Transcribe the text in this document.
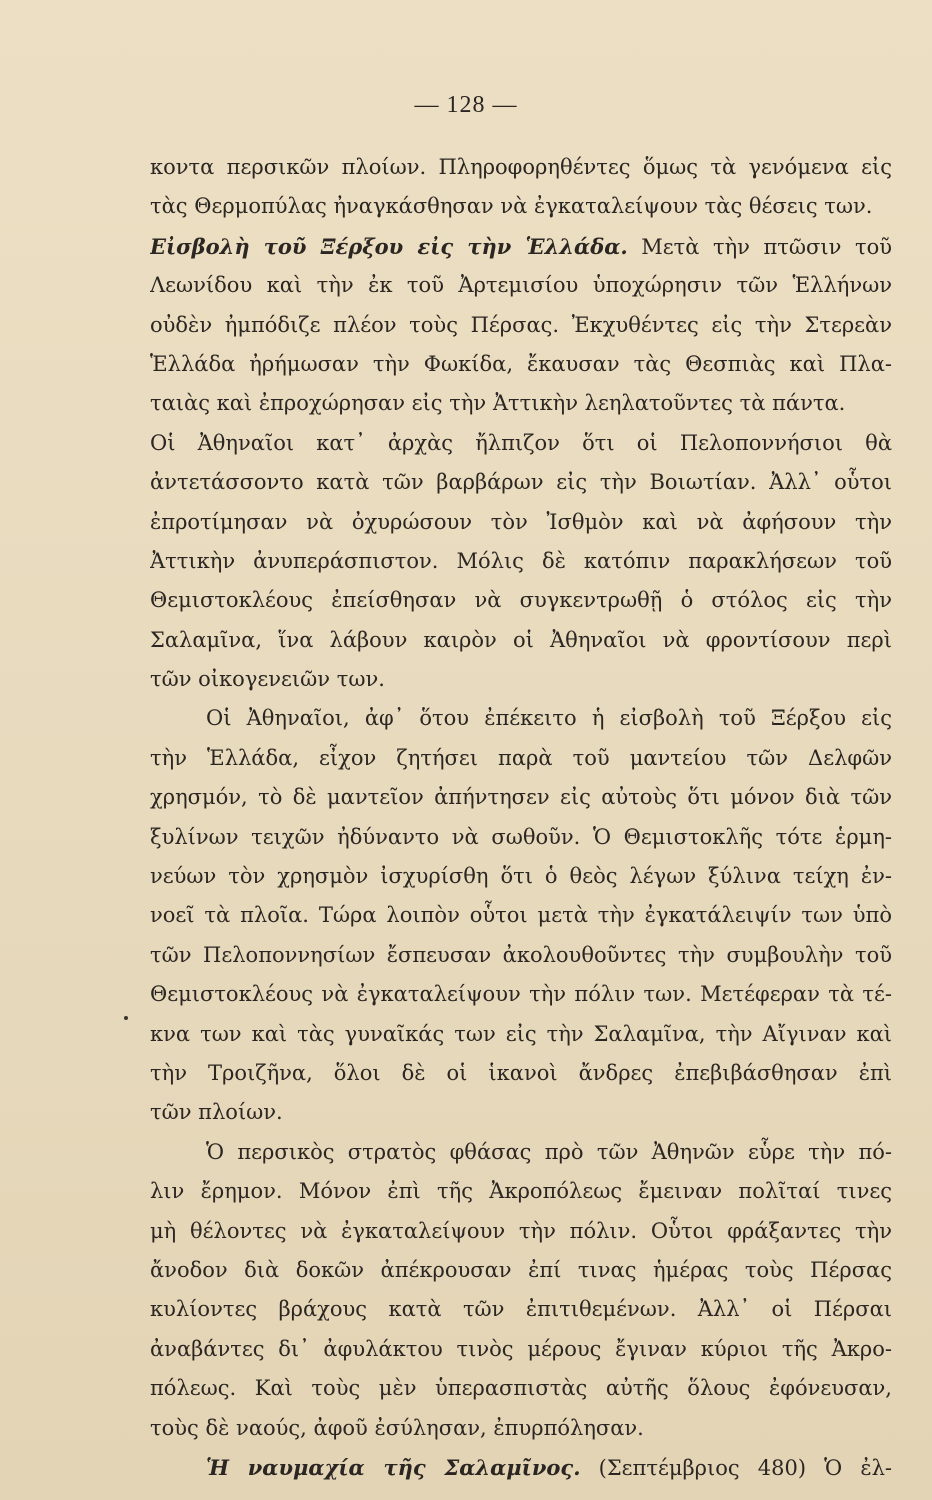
— 128 —
κοντα περσικῶν πλοίων. Πληροφορηθέντες ὅμως τὰ γενόμενα εἰς
τὰς Θερμοπύλας ἠναγκάσθησαν νὰ ἐγκαταλείψουν τὰς θέσεις των.
Εἰσβολὴ τοῦ Ξέρξου εἰς τὴν Ἑλλάδα. Μετὰ τὴν πτῶσιν τοῦ
Λεωνίδου καὶ τὴν ἐκ τοῦ Ἀρτεμισίου ὑποχώρησιν τῶν Ἑλλήνων
οὐδὲν ἠμπόδιζε πλέον τοὺς Πέρσας. Ἐκχυθέντες εἰς τὴν Στερεὰν
Ἑλλάδα ἠρήμωσαν τὴν Φωκίδα, ἔκαυσαν τὰς Θεσπιὰς καὶ Πλα-
ταιὰς καὶ ἐπροχώρησαν εἰς τὴν Ἀττικὴν λεηλατοῦντες τὰ πάντα.
Οἱ Ἀθηναῖοι κατ᾽ ἀρχὰς ἤλπιζον ὅτι οἱ Πελοποννήσιοι θὰ
ἀντετάσσοντο κατὰ τῶν βαρβάρων εἰς τὴν Βοιωτίαν. Ἀλλ᾽ οὗτοι
ἐπροτίμησαν νὰ ὀχυρώσουν τὸν Ἰσθμὸν καὶ νὰ ἀφήσουν τὴν
Ἀττικὴν ἀνυπεράσπιστον. Μόλις δὲ κατόπιν παρακλήσεων τοῦ
Θεμιστοκλέους ἐπείσθησαν νὰ συγκεντρωθῇ ὁ στόλος εἰς τὴν
Σαλαμῖνα, ἵνα λάβουν καιρὸν οἱ Ἀθηναῖοι νὰ φροντίσουν περὶ
τῶν οἰκογενειῶν των.
Οἱ Ἀθηναῖοι, ἀφ᾽ ὅτου ἐπέκειτο ἡ εἰσβολὴ τοῦ Ξέρξου εἰς
τὴν Ἑλλάδα, εἶχον ζητήσει παρὰ τοῦ μαντείου τῶν Δελφῶν
χρησμόν, τὸ δὲ μαντεῖον ἀπήντησεν εἰς αὐτοὺς ὅτι μόνον διὰ τῶν
ξυλίνων τειχῶν ἠδύναντο νὰ σωθοῦν. Ὁ Θεμιστοκλῆς τότε ἑρμη-
νεύων τὸν χρησμὸν ἰσχυρίσθη ὅτι ὁ θεὸς λέγων ξύλινα τείχη ἐν-
νοεῖ τὰ πλοῖα. Τώρα λοιπὸν οὗτοι μετὰ τὴν ἐγκατάλειψίν των ὑπὸ
τῶν Πελοποννησίων ἔσπευσαν ἀκολουθοῦντες τὴν συμβουλὴν τοῦ
Θεμιστοκλέους νὰ ἐγκαταλείψουν τὴν πόλιν των. Μετέφεραν τὰ τέ-
κνα των καὶ τὰς γυναῖκάς των εἰς τὴν Σαλαμῖνα, τὴν Αἴγιναν καὶ
τὴν Τροιζῆνα, ὅλοι δὲ οἱ ἱκανοὶ ἄνδρες ἐπεβιβάσθησαν ἐπὶ
τῶν πλοίων.
Ὁ περσικὸς στρατὸς φθάσας πρὸ τῶν Ἀθηνῶν εὗρε τὴν πό-
λιν ἔρημον. Μόνον ἐπὶ τῆς Ἀκροπόλεως ἔμειναν πολῖταί τινες
μὴ θέλοντες νὰ ἐγκαταλείψουν τὴν πόλιν. Οὗτοι φράξαντες τὴν
ἄνοδον διὰ δοκῶν ἀπέκρουσαν ἐπί τινας ἡμέρας τοὺς Πέρσας
κυλίοντες βράχους κατὰ τῶν ἐπιτιθεμένων. Ἀλλ᾽ οἱ Πέρσαι
ἀναβάντες δι᾽ ἀφυλάκτου τινὸς μέρους ἔγιναν κύριοι τῆς Ἀκρο-
πόλεως. Καὶ τοὺς μὲν ὑπερασπιστὰς αὐτῆς ὅλους ἐφόνευσαν,
τοὺς δὲ ναούς, ἀφοῦ ἐσύλησαν, ἐπυρπόλησαν.
Ἡ ναυμαχία τῆς Σαλαμῖνος. (Σεπτέμβριος 480) Ὁ ἐλ-
